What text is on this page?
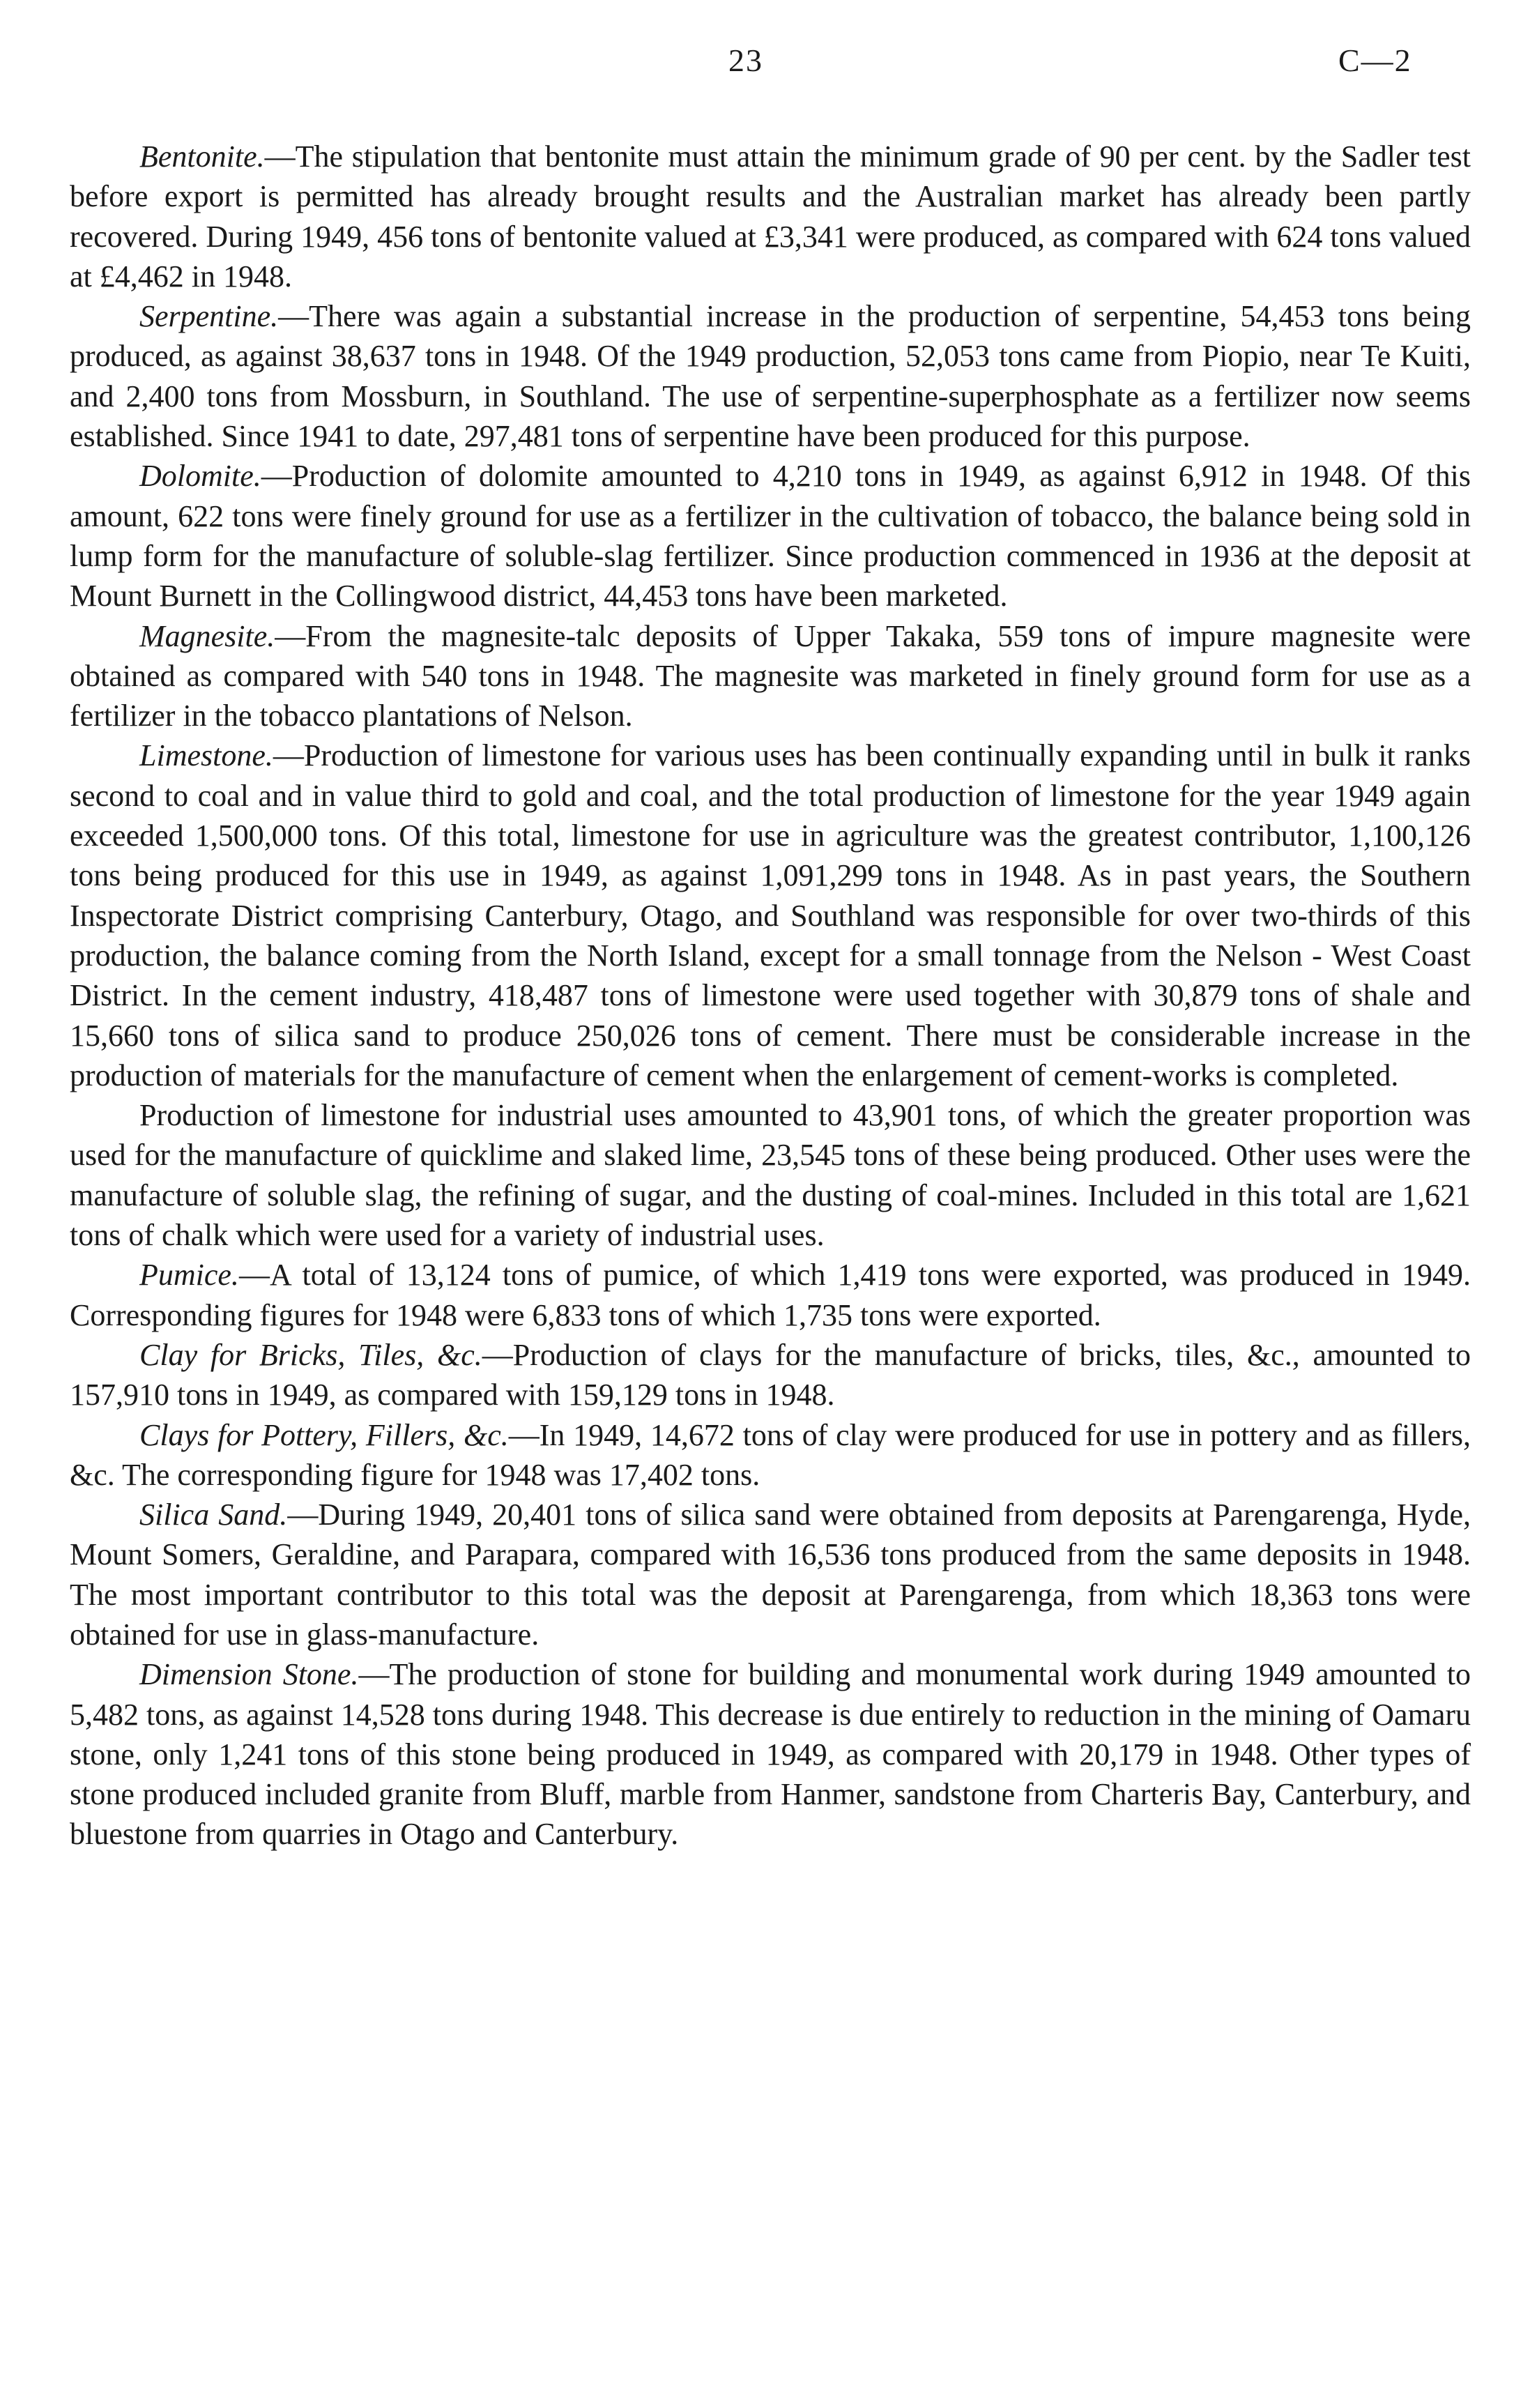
23	C—2

Bentonite.—The stipulation that bentonite must attain the minimum grade of 90 per cent. by the Sadler test before export is permitted has already brought results and the Australian market has already been partly recovered. During 1949, 456 tons of bentonite valued at £3,341 were produced, as compared with 624 tons valued at £4,462 in 1948.

Serpentine.—There was again a substantial increase in the production of serpentine, 54,453 tons being produced, as against 38,637 tons in 1948. Of the 1949 production, 52,053 tons came from Piopio, near Te Kuiti, and 2,400 tons from Mossburn, in Southland. The use of serpentine-superphosphate as a fertilizer now seems established. Since 1941 to date, 297,481 tons of serpentine have been produced for this purpose.

Dolomite.—Production of dolomite amounted to 4,210 tons in 1949, as against 6,912 in 1948. Of this amount, 622 tons were finely ground for use as a fertilizer in the cultivation of tobacco, the balance being sold in lump form for the manufacture of soluble-slag fertilizer. Since production commenced in 1936 at the deposit at Mount Burnett in the Collingwood district, 44,453 tons have been marketed.

Magnesite.—From the magnesite-talc deposits of Upper Takaka, 559 tons of impure magnesite were obtained as compared with 540 tons in 1948. The magnesite was marketed in finely ground form for use as a fertilizer in the tobacco plantations of Nelson.

Limestone.—Production of limestone for various uses has been continually expanding until in bulk it ranks second to coal and in value third to gold and coal, and the total production of limestone for the year 1949 again exceeded 1,500,000 tons. Of this total, limestone for use in agriculture was the greatest contributor, 1,100,126 tons being produced for this use in 1949, as against 1,091,299 tons in 1948. As in past years, the Southern Inspectorate District comprising Canterbury, Otago, and Southland was responsible for over two-thirds of this production, the balance coming from the North Island, except for a small tonnage from the Nelson - West Coast District. In the cement industry, 418,487 tons of limestone were used together with 30,879 tons of shale and 15,660 tons of silica sand to produce 250,026 tons of cement. There must be considerable increase in the production of materials for the manufacture of cement when the enlargement of cement-works is completed.

Production of limestone for industrial uses amounted to 43,901 tons, of which the greater proportion was used for the manufacture of quicklime and slaked lime, 23,545 tons of these being produced. Other uses were the manufacture of soluble slag, the refining of sugar, and the dusting of coal-mines. Included in this total are 1,621 tons of chalk which were used for a variety of industrial uses.

Pumice.—A total of 13,124 tons of pumice, of which 1,419 tons were exported, was produced in 1949. Corresponding figures for 1948 were 6,833 tons of which 1,735 tons were exported.

Clay for Bricks, Tiles, &c.—Production of clays for the manufacture of bricks, tiles, &c., amounted to 157,910 tons in 1949, as compared with 159,129 tons in 1948.

Clays for Pottery, Fillers, &c.—In 1949, 14,672 tons of clay were produced for use in pottery and as fillers, &c. The corresponding figure for 1948 was 17,402 tons.

Silica Sand.—During 1949, 20,401 tons of silica sand were obtained from deposits at Parengarenga, Hyde, Mount Somers, Geraldine, and Parapara, compared with 16,536 tons produced from the same deposits in 1948. The most important contributor to this total was the deposit at Parengarenga, from which 18,363 tons were obtained for use in glass-manufacture.

Dimension Stone.—The production of stone for building and monumental work during 1949 amounted to 5,482 tons, as against 14,528 tons during 1948. This decrease is due entirely to reduction in the mining of Oamaru stone, only 1,241 tons of this stone being produced in 1949, as compared with 20,179 in 1948. Other types of stone produced included granite from Bluff, marble from Hanmer, sandstone from Charteris Bay, Canterbury, and bluestone from quarries in Otago and Canterbury.
